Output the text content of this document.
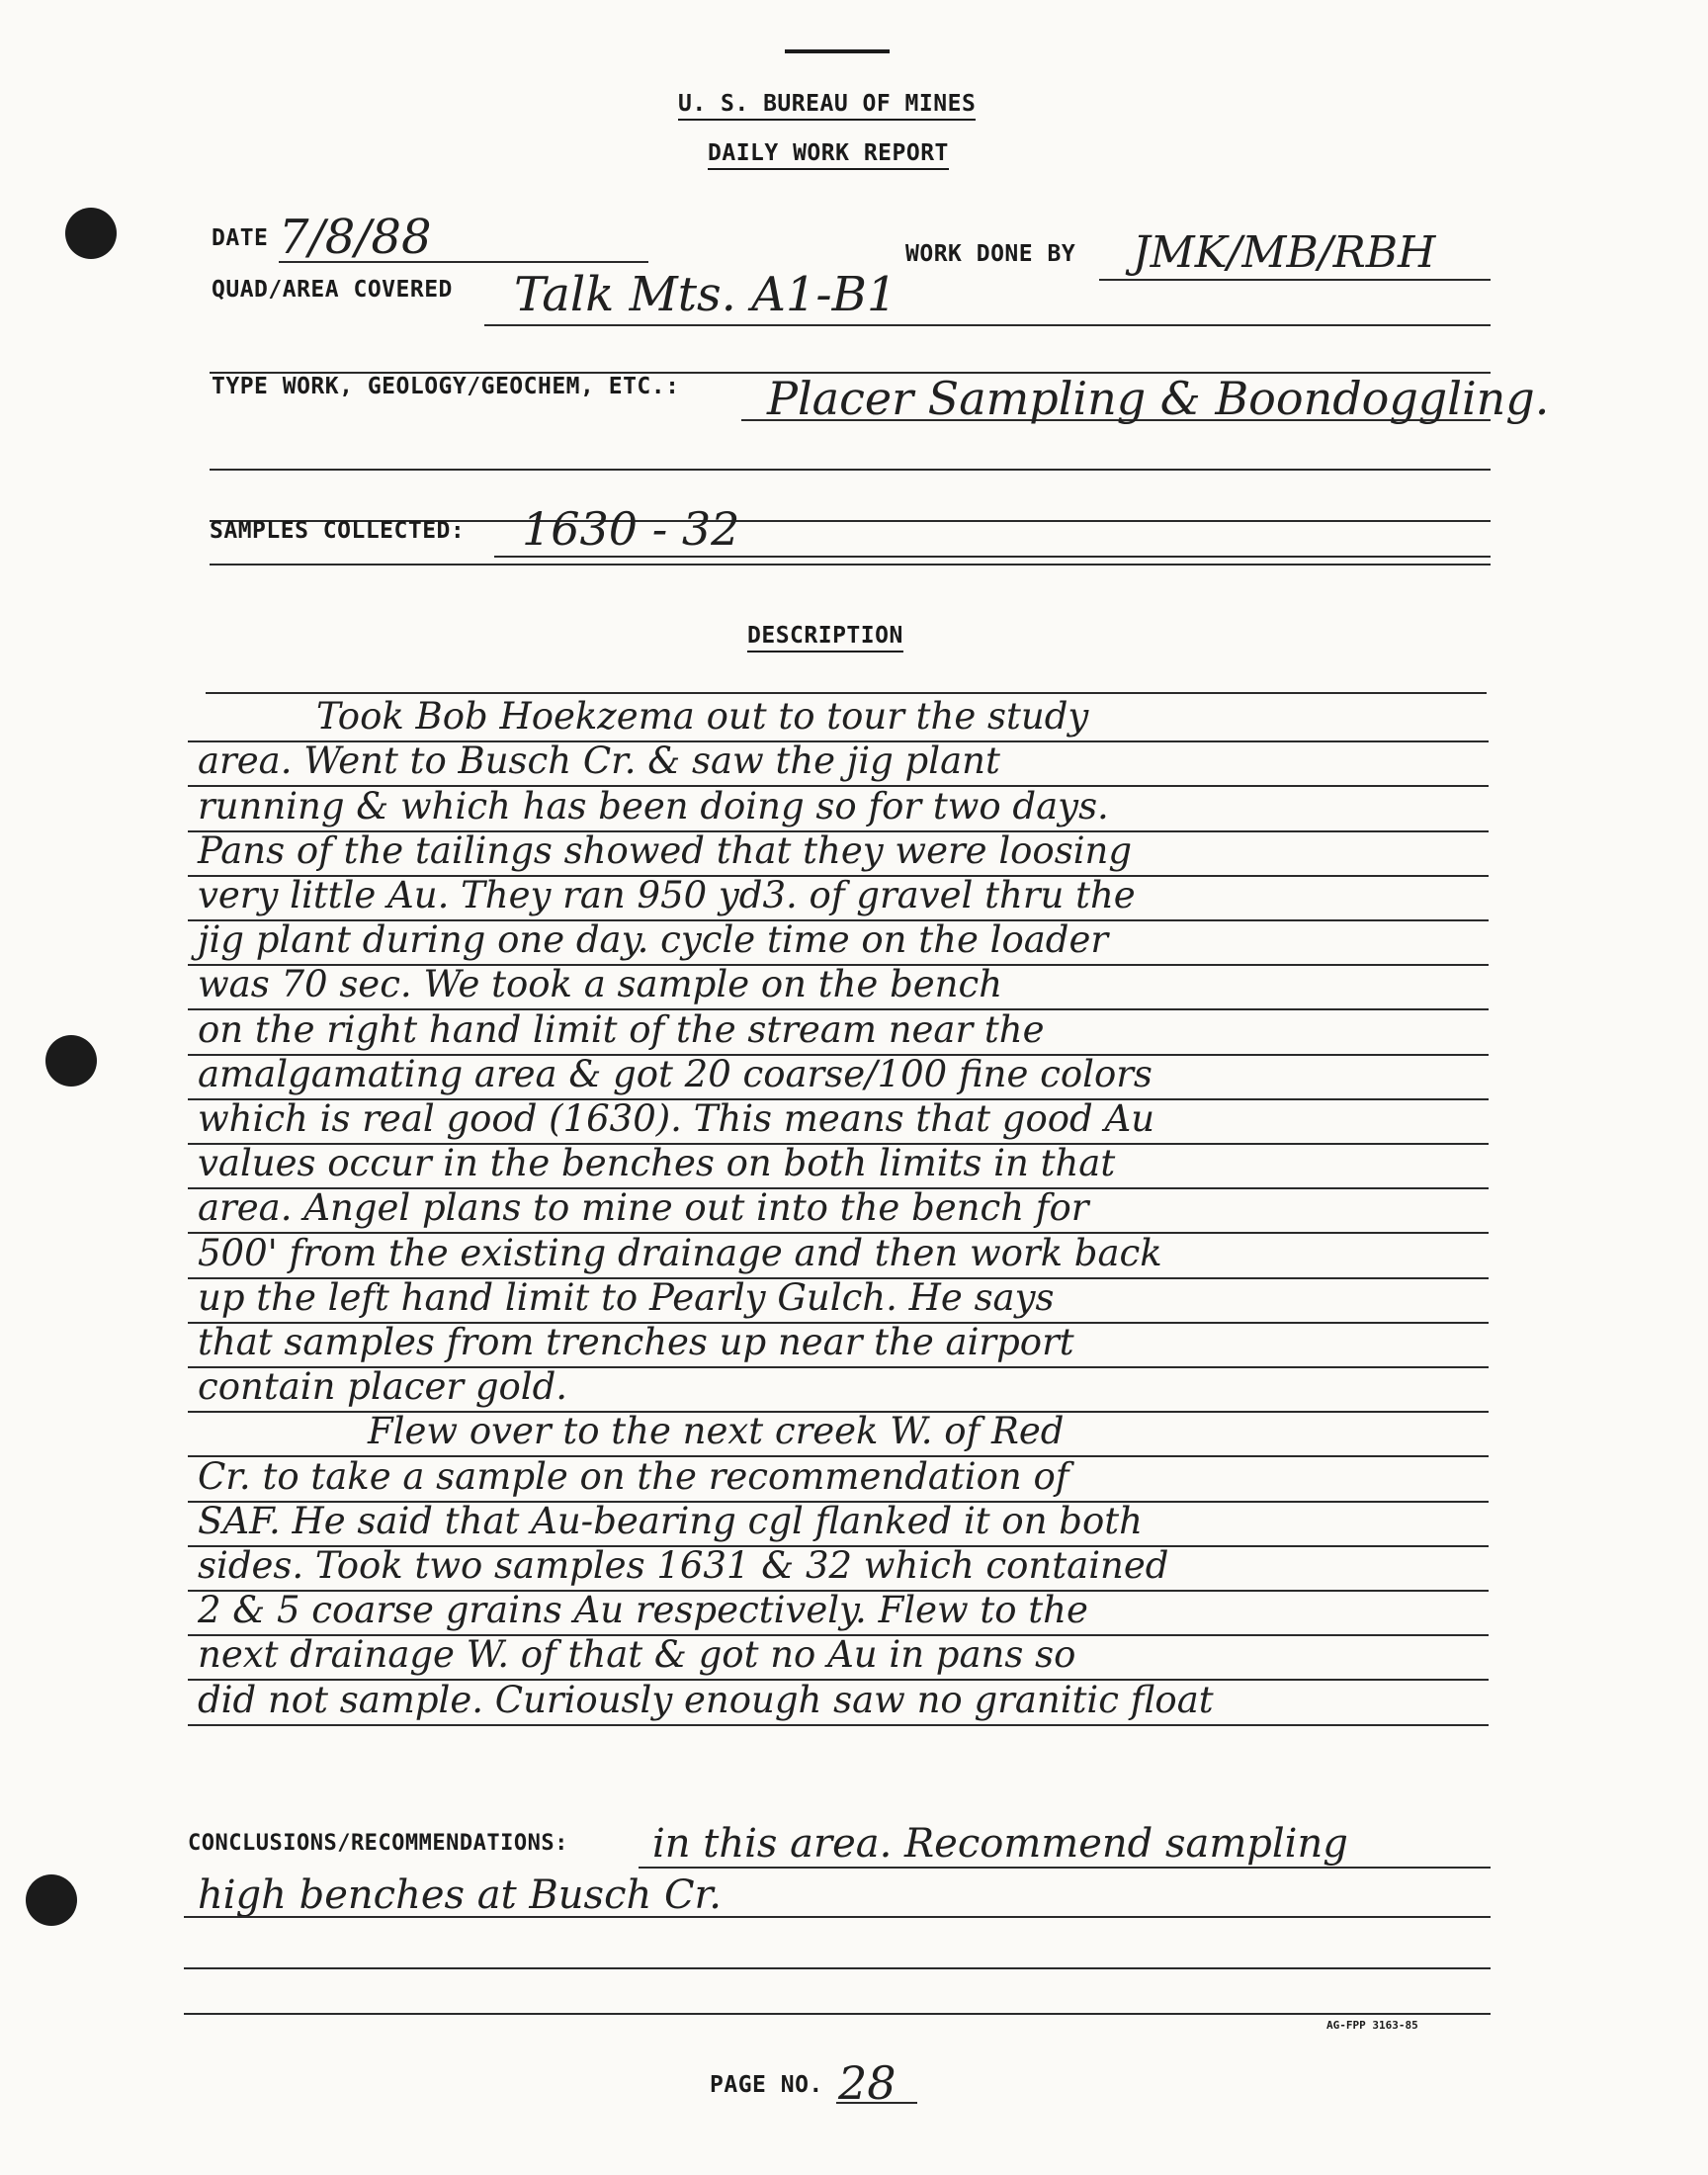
U. S. BUREAU OF MINES
DAILY WORK REPORT
DATE 7/8/88	WORK DONE BY JMK/MB/RBH
QUAD/AREA COVERED Talk Mts. A1-B1
TYPE WORK, GEOLOGY/GEOCHEM, ETC.: Placer Sampling & Boondoggling.
SAMPLES COLLECTED: 1630 - 32
DESCRIPTION
Took Bob Hoekzema out to tour the study
area. Went to Busch Cr. & saw the jig plant
running & which has been doing so for two days.
Pans of the tailings showed that they were loosing
very little Au. They ran 950 yd3. of gravel thru the
jig plant during one day. cycle time on the loader
was 70 sec. We took a sample on the bench
on the right hand limit of the stream near the
amalgamating area & got 20 coarse/100 fine colors
which is real good (1630). This means that good Au
values occur in the benches on both limits in that
area. Angel plans to mine out into the bench for
500' from the existing drainage and then work back
up the left hand limit to Pearly Gulch. He says
that samples from trenches up near the airport
contain placer gold.
Flew over to the next creek W. of Red
Cr. to take a sample on the recommendation of
SAF. He said that Au-bearing cgl flanked it on both
sides. Took two samples 1631 & 32 which contained
2 & 5 coarse grains Au respectively. Flew to the
next drainage W. of that & got no Au in pans so
did not sample. Curiously enough saw no granitic float
CONCLUSIONS/RECOMMENDATIONS: in this area. Recommend sampling
high benches at Busch Cr.
AG-FPP 3163-85
PAGE NO. 28
